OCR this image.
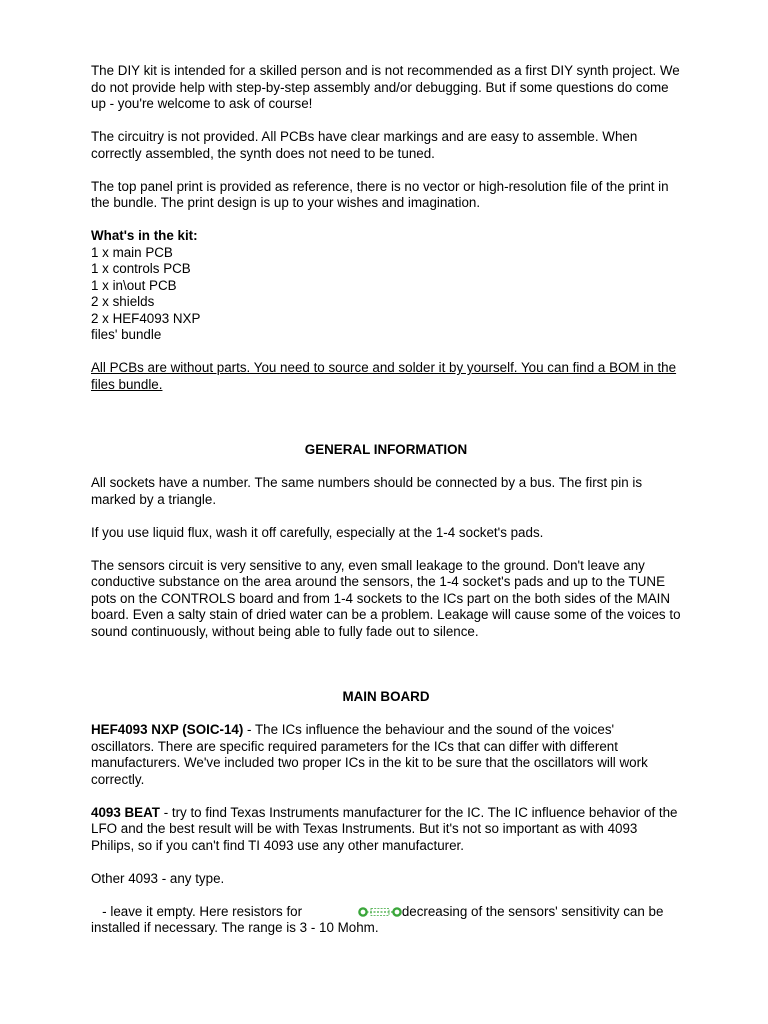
The DIY kit is intended for a skilled person and is not recommended as a first DIY synth project. We do not provide help with step-by-step assembly and/or debugging. But if some questions do come up - you're welcome to ask of course!

The circuitry is not provided. All PCBs have clear markings and are easy to assemble. When correctly assembled, the synth does not need to be tuned.

The top panel print is provided as reference, there is no vector or high-resolution file of the print in the bundle. The print design is up to your wishes and imagination.

What's in the kit:

1 x main PCB

1 x controls PCB

1 x in\out PCB

2 x shields

2 x HEF4093 NXP

files' bundle

All PCBs are without parts. You need to source and solder it by yourself. You can find a BOM in the files bundle.

GENERAL INFORMATION

All sockets have a number. The same numbers should be connected by a bus. The first pin is marked by a triangle.

If you use liquid flux, wash it off carefully, especially at the 1-4 socket's pads.

The sensors circuit is very sensitive to any, even small leakage to the ground. Don't leave any conductive substance on the area around the sensors, the 1-4 socket's pads and up to the TUNE pots on the CONTROLS board and from 1-4 sockets to the ICs part on the both sides of the MAIN board. Even a salty stain of dried water can be a problem. Leakage will cause some of the voices to sound continuously, without being able to fully fade out to silence.

MAIN BOARD

HEF4093 NXP (SOIC-14) - The ICs influence the behaviour and the sound of the voices' oscillators. There are specific required parameters for the ICs that can differ with different manufacturers. We've included two proper ICs in the kit to be sure that the oscillators will work correctly.

4093 BEAT - try to find Texas Instruments manufacturer for the IC. The IC influence behavior of the LFO and the best result will be with Texas Instruments. But it's not so important as with 4093 Philips, so if you can't find TI 4093 use any other manufacturer.

Other 4093 - any type.

- leave it empty. Here resistors for	decreasing of the sensors' sensitivity can be installed if necessary. The range is 3 - 10 Mohm.
